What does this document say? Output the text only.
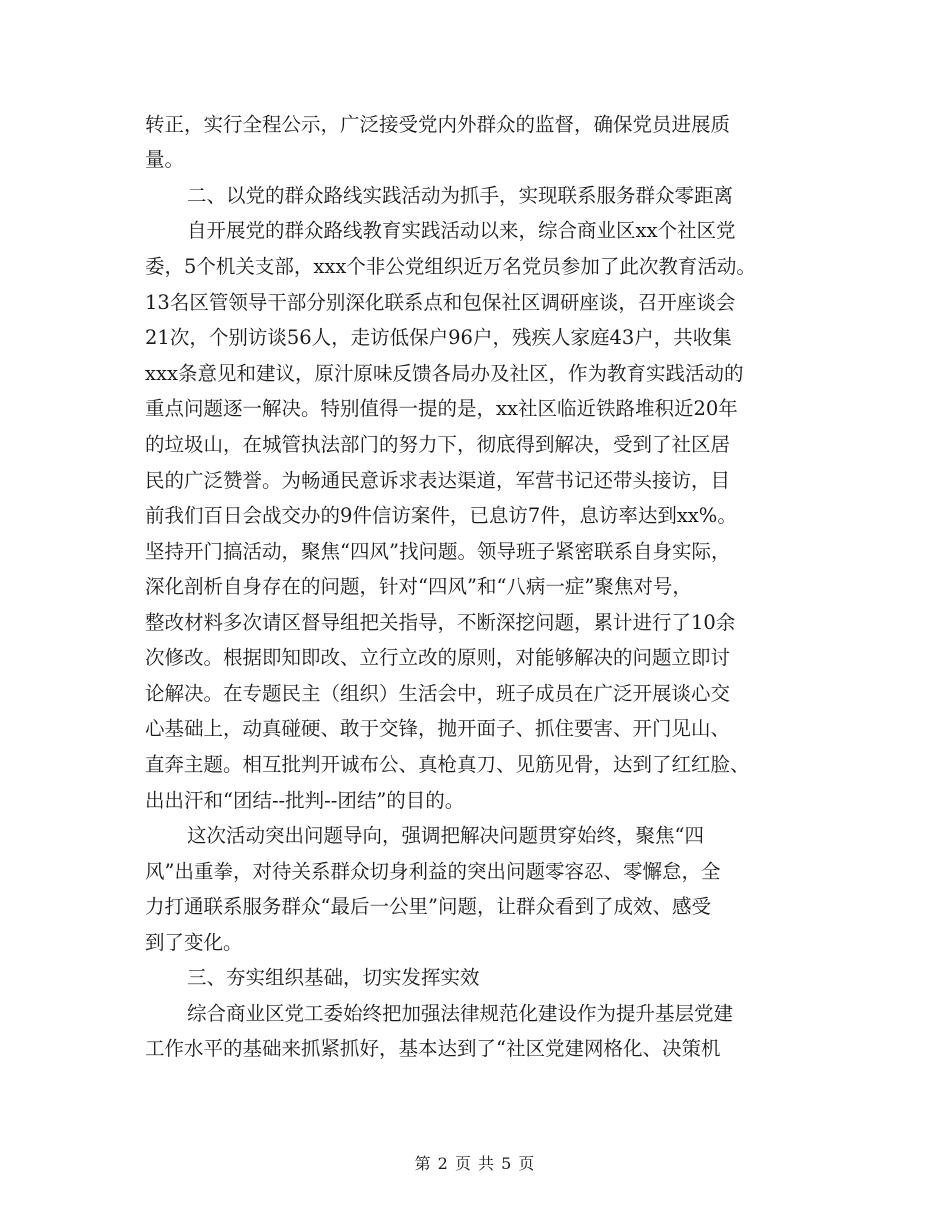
转正，实行全程公示，广泛接受党内外群众的监督，确保党员进展质
量。
二、以党的群众路线实践活动为抓手，实现联系服务群众零距离
自开展党的群众路线教育实践活动以来，综合商业区xx个社区党
委，5个机关支部，xxx个非公党组织近万名党员参加了此次教育活动。
13名区管领导干部分别深化联系点和包保社区调研座谈，召开座谈会
21次，个别访谈56人，走访低保户96户，残疾人家庭43户，共收集
xxx条意见和建议，原汁原味反馈各局办及社区，作为教育实践活动的
重点问题逐一解决。特别值得一提的是，xx社区临近铁路堆积近20年
的垃圾山，在城管执法部门的努力下，彻底得到解决，受到了社区居
民的广泛赞誉。为畅通民意诉求表达渠道，军营书记还带头接访，目
前我们百日会战交办的9件信访案件，已息访7件，息访率达到xx%。
坚持开门搞活动，聚焦“四风”找问题。领导班子紧密联系自身实际，
深化剖析自身存在的问题，针对“四风”和“八病一症”聚焦对号，
整改材料多次请区督导组把关指导，不断深挖问题，累计进行了10余
次修改。根据即知即改、立行立改的原则，对能够解决的问题立即讨
论解决。在专题民主（组织）生活会中，班子成员在广泛开展谈心交
心基础上，动真碰硬、敢于交锋，抛开面子、抓住要害、开门见山、
直奔主题。相互批判开诚布公、真枪真刀、见筋见骨，达到了红红脸、
出出汗和“团结--批判--团结”的目的。
这次活动突出问题导向，强调把解决问题贯穿始终，聚焦“四
风”出重拳，对待关系群众切身利益的突出问题零容忍、零懈怠，全
力打通联系服务群众“最后一公里”问题，让群众看到了成效、感受
到了变化。
三、夯实组织基础，切实发挥实效
综合商业区党工委始终把加强法律规范化建设作为提升基层党建
工作水平的基础来抓紧抓好，基本达到了“社区党建网格化、决策机
第 2 页 共 5 页
